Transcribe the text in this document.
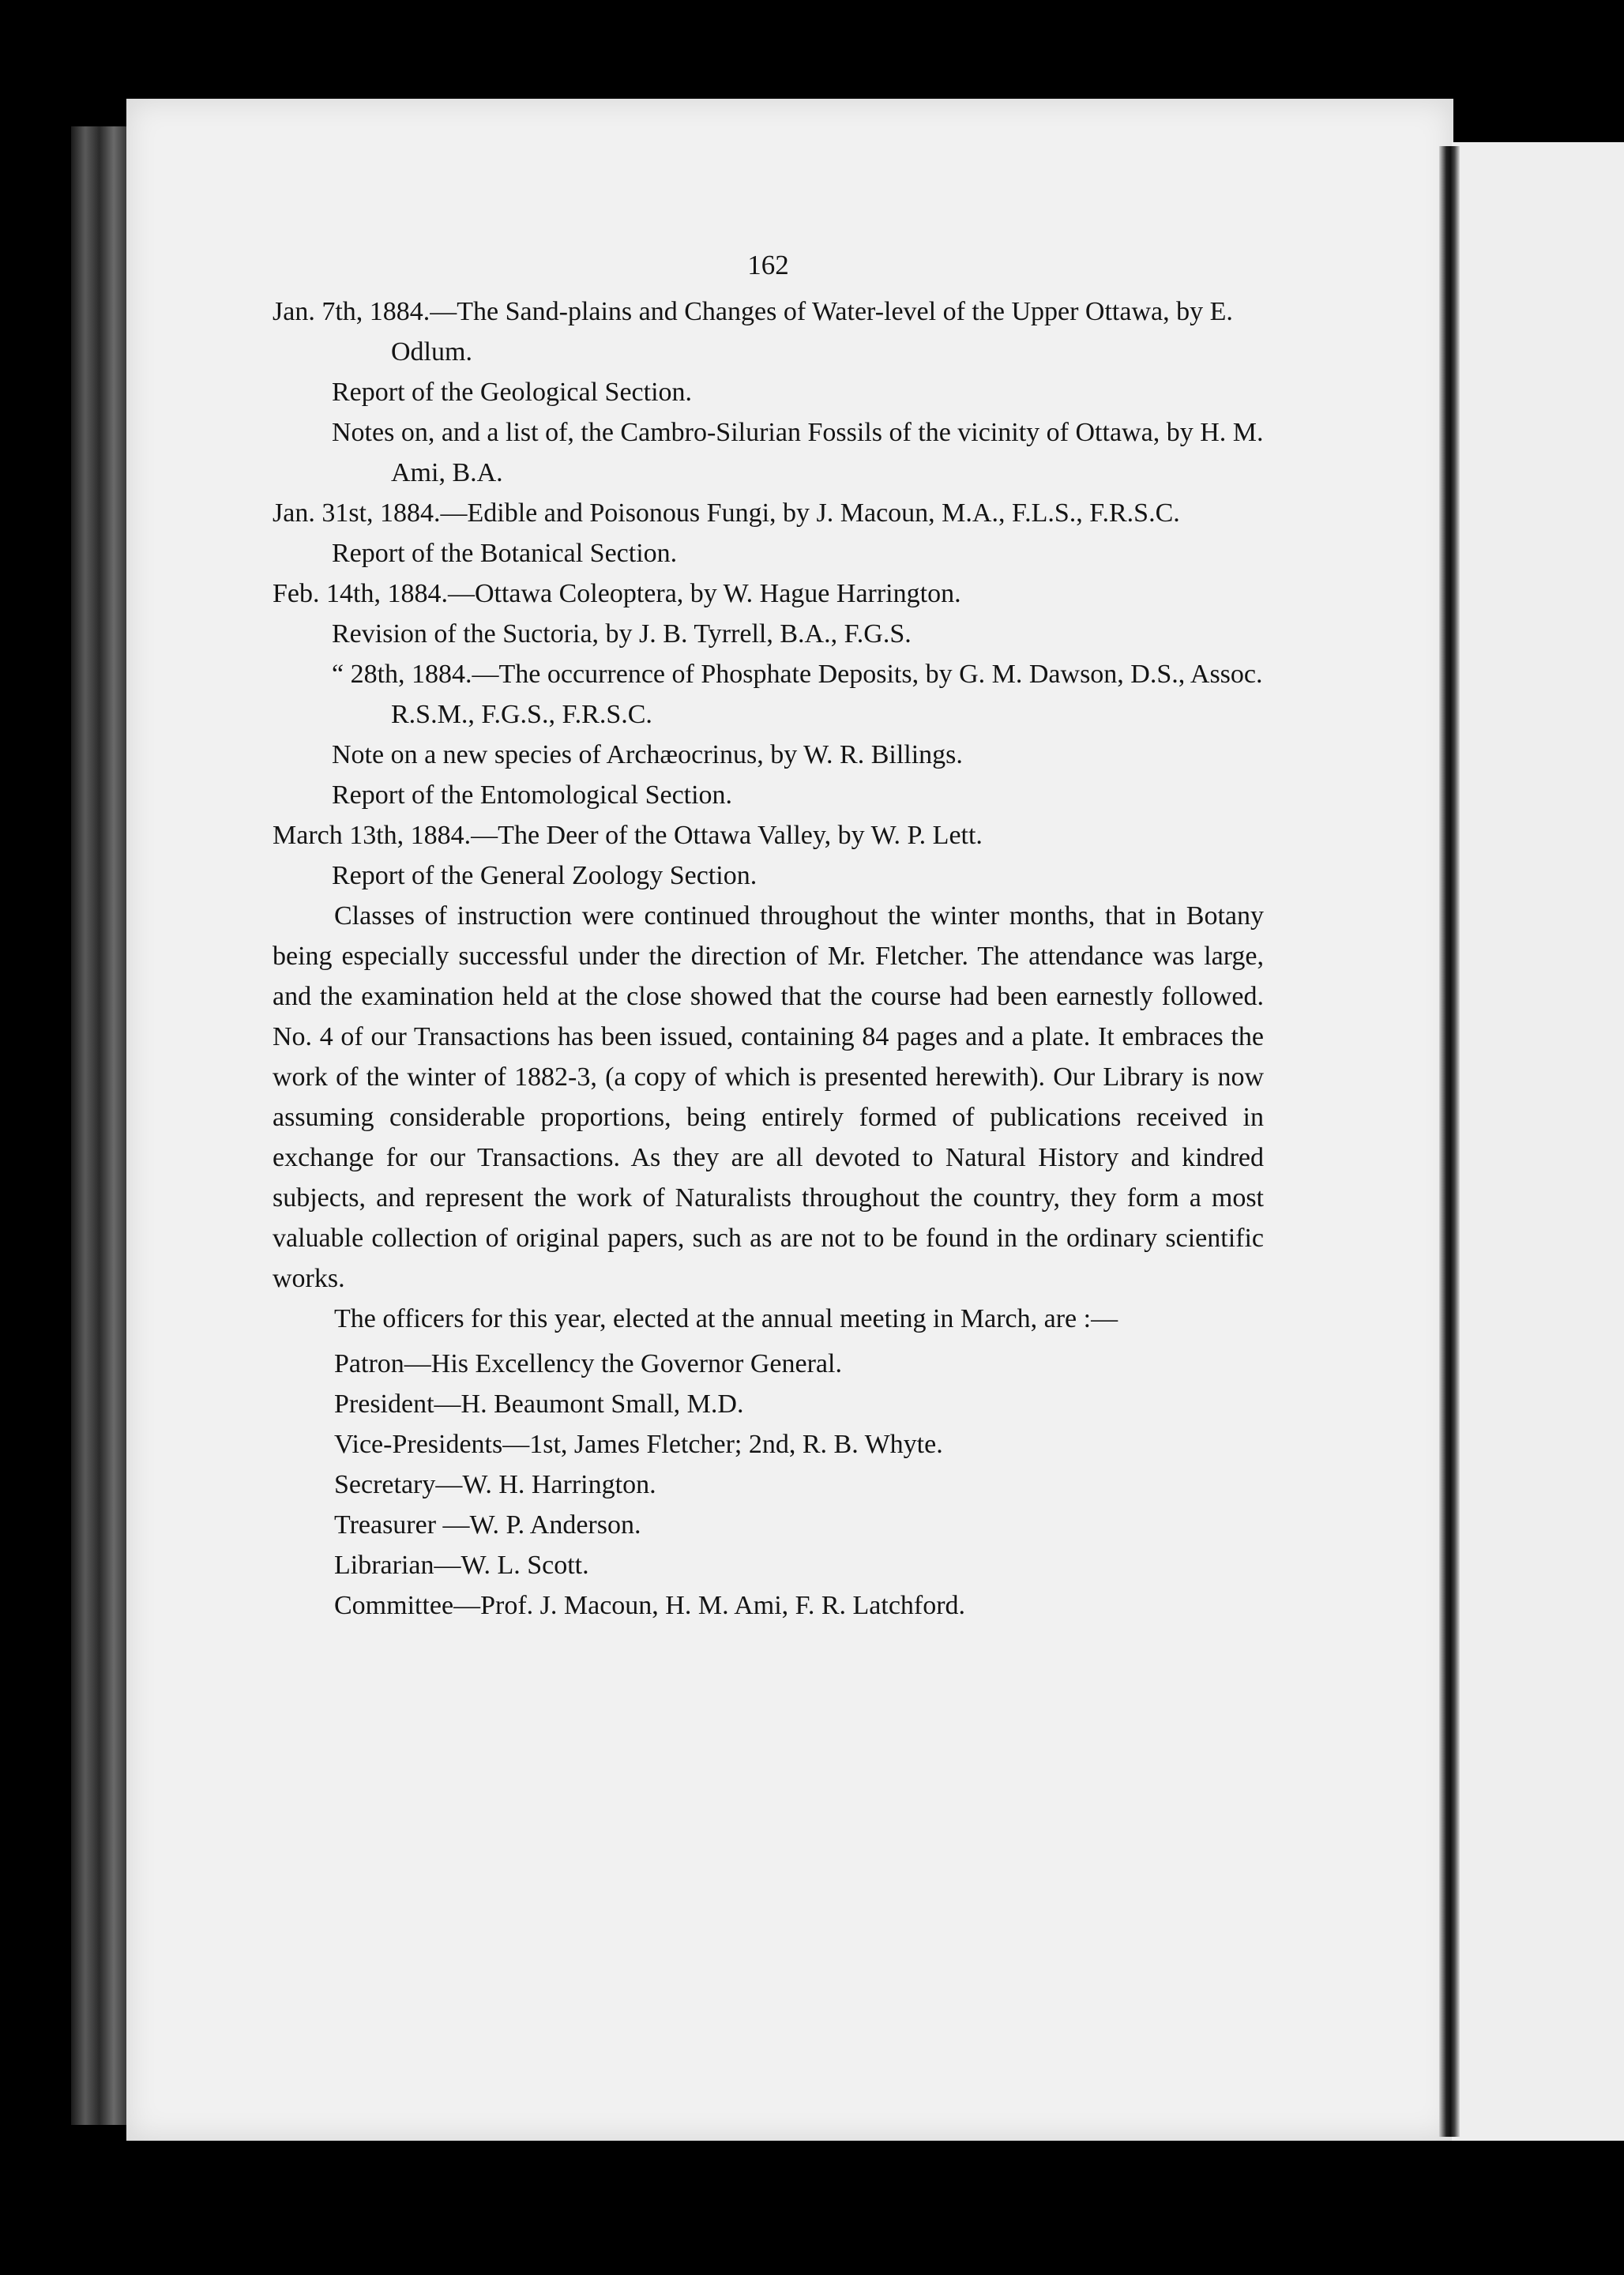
162
Jan. 7th, 1884.—The Sand-plains and Changes of Water-level of the Upper Ottawa, by E. Odlum.
Report of the Geological Section.
Notes on, and a list of, the Cambro-Silurian Fossils of the vicinity of Ottawa, by H. M. Ami, B.A.
Jan. 31st, 1884.—Edible and Poisonous Fungi, by J. Macoun, M.A., F.L.S., F.R.S.C.
Report of the Botanical Section.
Feb. 14th, 1884.—Ottawa Coleoptera, by W. Hague Harrington.
Revision of the Suctoria, by J. B. Tyrrell, B.A., F.G.S.
“ 28th, 1884.—The occurrence of Phosphate Deposits, by G. M. Dawson, D.S., Assoc. R.S.M., F.G.S., F.R.S.C.
Note on a new species of Archæocrinus, by W. R. Billings.
Report of the Entomological Section.
March 13th, 1884.—The Deer of the Ottawa Valley, by W. P. Lett.
Report of the General Zoology Section.

Classes of instruction were continued throughout the winter months, that in Botany being especially successful under the direction of Mr. Fletcher. The attendance was large, and the examination held at the close showed that the course had been earnestly followed. No. 4 of our Transactions has been issued, containing 84 pages and a plate. It embraces the work of the winter of 1882-3, (a copy of which is presented herewith). Our Library is now assuming considerable proportions, being entirely formed of publications received in exchange for our Transactions. As they are all devoted to Natural History and kindred subjects, and represent the work of Naturalists throughout the country, they form a most valuable collection of original papers, such as are not to be found in the ordinary scientific works.

The officers for this year, elected at the annual meeting in March, are :—

Patron—His Excellency the Governor General.
President—H. Beaumont Small, M.D.
Vice-Presidents—1st, James Fletcher; 2nd, R. B. Whyte.
Secretary—W. H. Harrington.
Treasurer —W. P. Anderson.
Librarian—W. L. Scott.
Committee—Prof. J. Macoun, H. M. Ami, F. R. Latchford.
